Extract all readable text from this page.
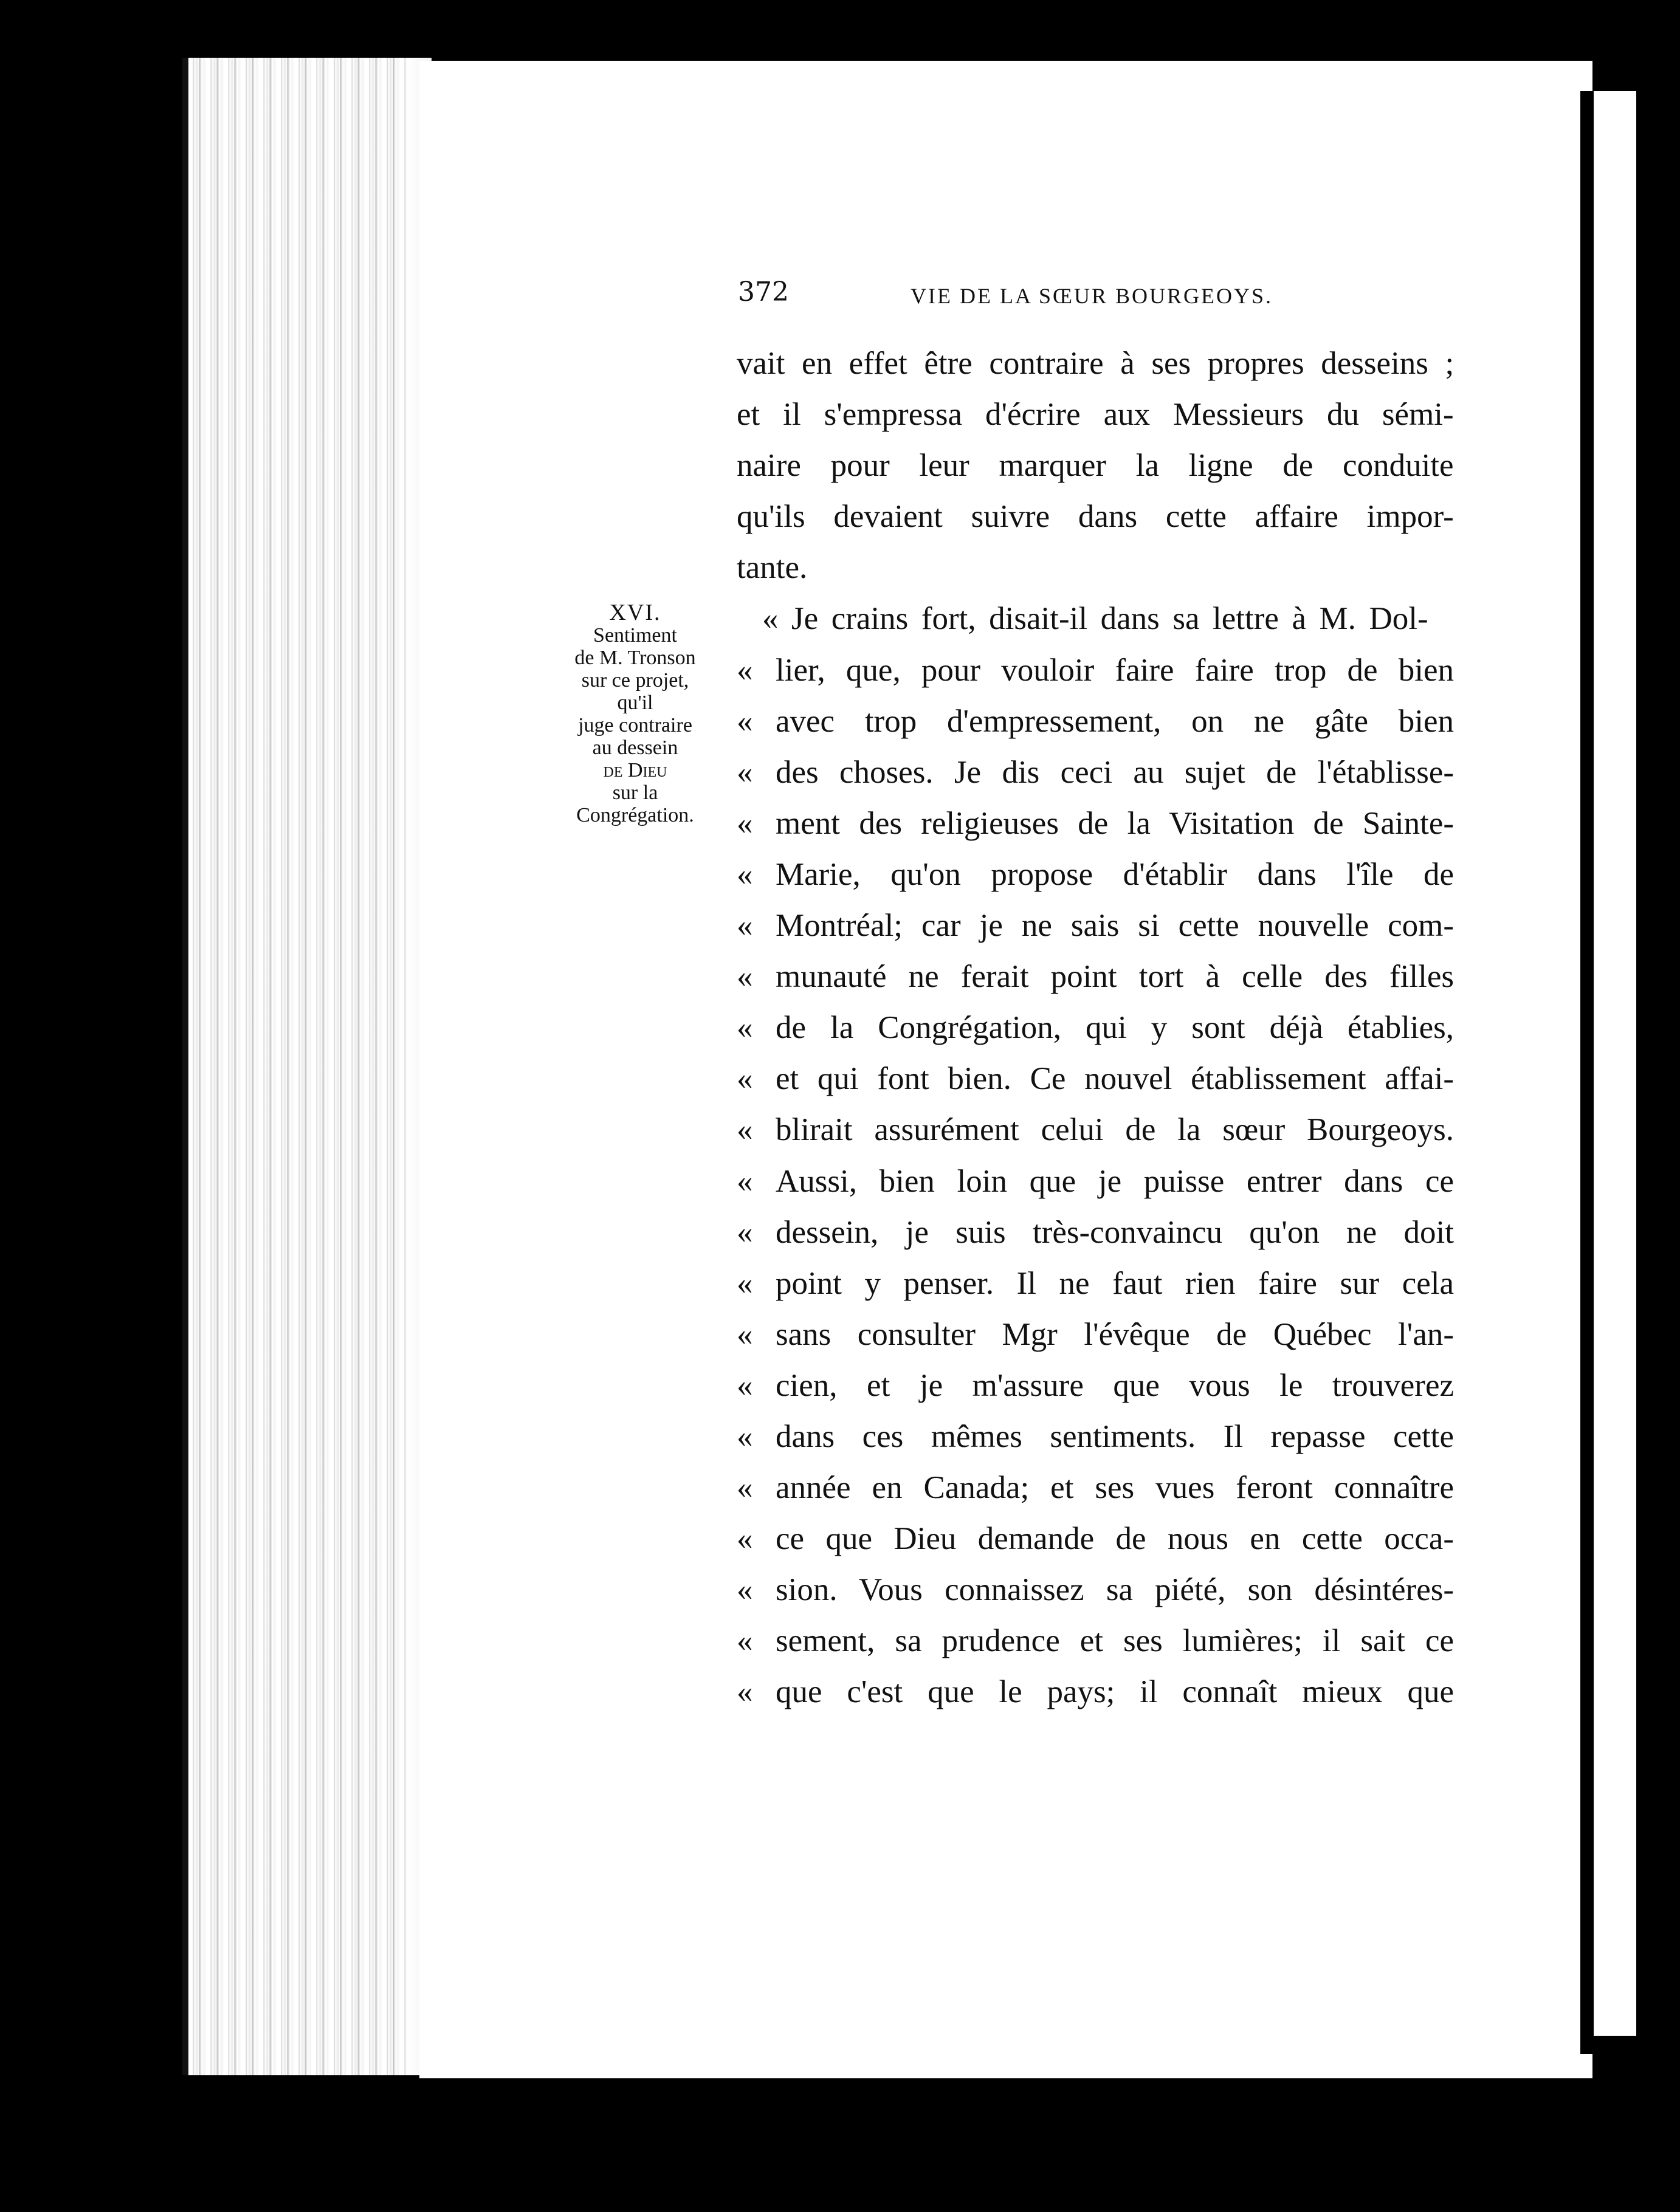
372	VIE DE LA SŒUR BOURGEOYS.
XVI.
Sentiment
de M. Tronson
sur ce projet,
qu'il
juge contraire
au dessein
de Dieu
sur la
Congrégation.
vait en effet être contraire à ses propres desseins ; et il s'empressa d'écrire aux Messieurs du sémi- naire pour leur marquer la ligne de conduite qu'ils devaient suivre dans cette affaire impor-
tante.
« Je crains fort, disait-il dans sa lettre à M. Dol-
« lier, que, pour vouloir faire faire trop de bien
« avec trop d'empressement, on ne gâte bien
« des choses. Je dis ceci au sujet de l'établisse-
« ment des religieuses de la Visitation de Sainte-
« Marie, qu'on propose d'établir dans l'île de
« Montréal; car je ne sais si cette nouvelle com-
« munauté ne ferait point tort à celle des filles
« de la Congrégation, qui y sont déjà établies,
« et qui font bien. Ce nouvel établissement affai-
« blirait assurément celui de la sœur Bourgeoys.
« Aussi, bien loin que je puisse entrer dans ce
« dessein, je suis très-convaincu qu'on ne doit
« point y penser. Il ne faut rien faire sur cela
« sans consulter Mgr l'évêque de Québec l'an-
« cien, et je m'assure que vous le trouverez
« dans ces mêmes sentiments. Il repasse cette
« année en Canada; et ses vues feront connaître
« ce que Dieu demande de nous en cette occa-
« sion. Vous connaissez sa piété, son désintéres-
« sement, sa prudence et ses lumières; il sait ce
« que c'est que le pays; il connaît mieux que
